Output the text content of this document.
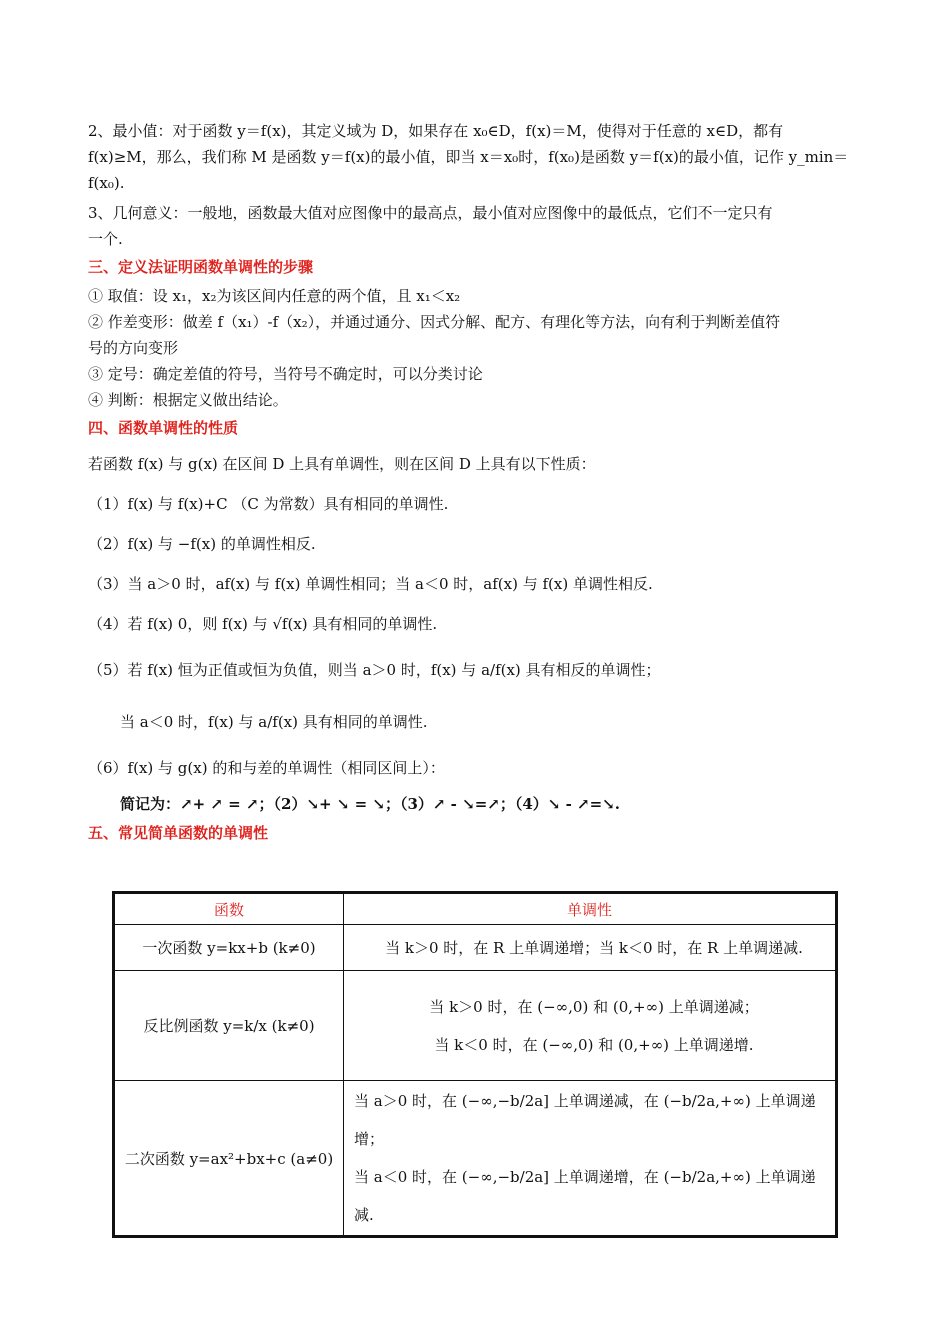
2、最小值：对于函数 y＝f(x)，其定义域为 D，如果存在 x₀∈D，f(x)＝M，使得对于任意的 x∈D，都有

f(x)≥M，那么，我们称 M 是函数 y＝f(x)的最小值，即当 x＝x₀时，f(x₀)是函数 y＝f(x)的最小值，记作 y_min＝

f(x₀).

3、几何意义：一般地，函数最大值对应图像中的最高点，最小值对应图像中的最低点，它们不一定只有

一个.

三、定义法证明函数单调性的步骤

① 取值：设 x₁，x₂为该区间内任意的两个值，且 x₁＜x₂

② 作差变形：做差 f（x₁）-f（x₂），并通过通分、因式分解、配方、有理化等方法，向有利于判断差值符

号的方向变形

③ 定号：确定差值的符号，当符号不确定时，可以分类讨论

④ 判断：根据定义做出结论。

四、函数单调性的性质

若函数 f(x) 与 g(x) 在区间 D 上具有单调性，则在区间 D 上具有以下性质：

（1）f(x) 与 f(x)+C （C 为常数）具有相同的单调性.

（2）f(x) 与 −f(x) 的单调性相反.

（3）当 a＞0 时，af(x) 与 f(x) 单调性相同；当 a＜0 时，af(x) 与 f(x) 单调性相反.

（4）若 f(x) 0，则 f(x) 与 √f(x) 具有相同的单调性.

（5）若 f(x) 恒为正值或恒为负值，则当 a＞0 时，f(x) 与 a/f(x) 具有相反的单调性；

当 a＜0 时，f(x) 与 a/f(x) 具有相同的单调性.

（6）f(x) 与 g(x) 的和与差的单调性（相同区间上）：

简记为：↗+ ↗ = ↗；（2）↘+ ↘ = ↘；（3）↗ - ↘=↗；（4）↘ - ↗=↘.

五、常见简单函数的单调性

函数	单调性
一次函数 y=kx+b (k≠0)	当 k＞0 时，在 R 上单调递增；当 k＜0 时，在 R 上单调递减.
反比例函数 y=k/x (k≠0)	当 k＞0 时，在 (−∞,0) 和 (0,+∞) 上单调递减；
当 k＜0 时，在 (−∞,0) 和 (0,+∞) 上单调递增.

二次函数 y=ax²+bx+c (a≠0)	当 a＞0 时，在 (−∞,−b/2a] 上单调递减，在 (−b/2a,+∞) 上单调递增；
当 a＜0 时，在 (−∞,−b/2a] 上单调递增，在 (−b/2a,+∞) 上单调递减.
